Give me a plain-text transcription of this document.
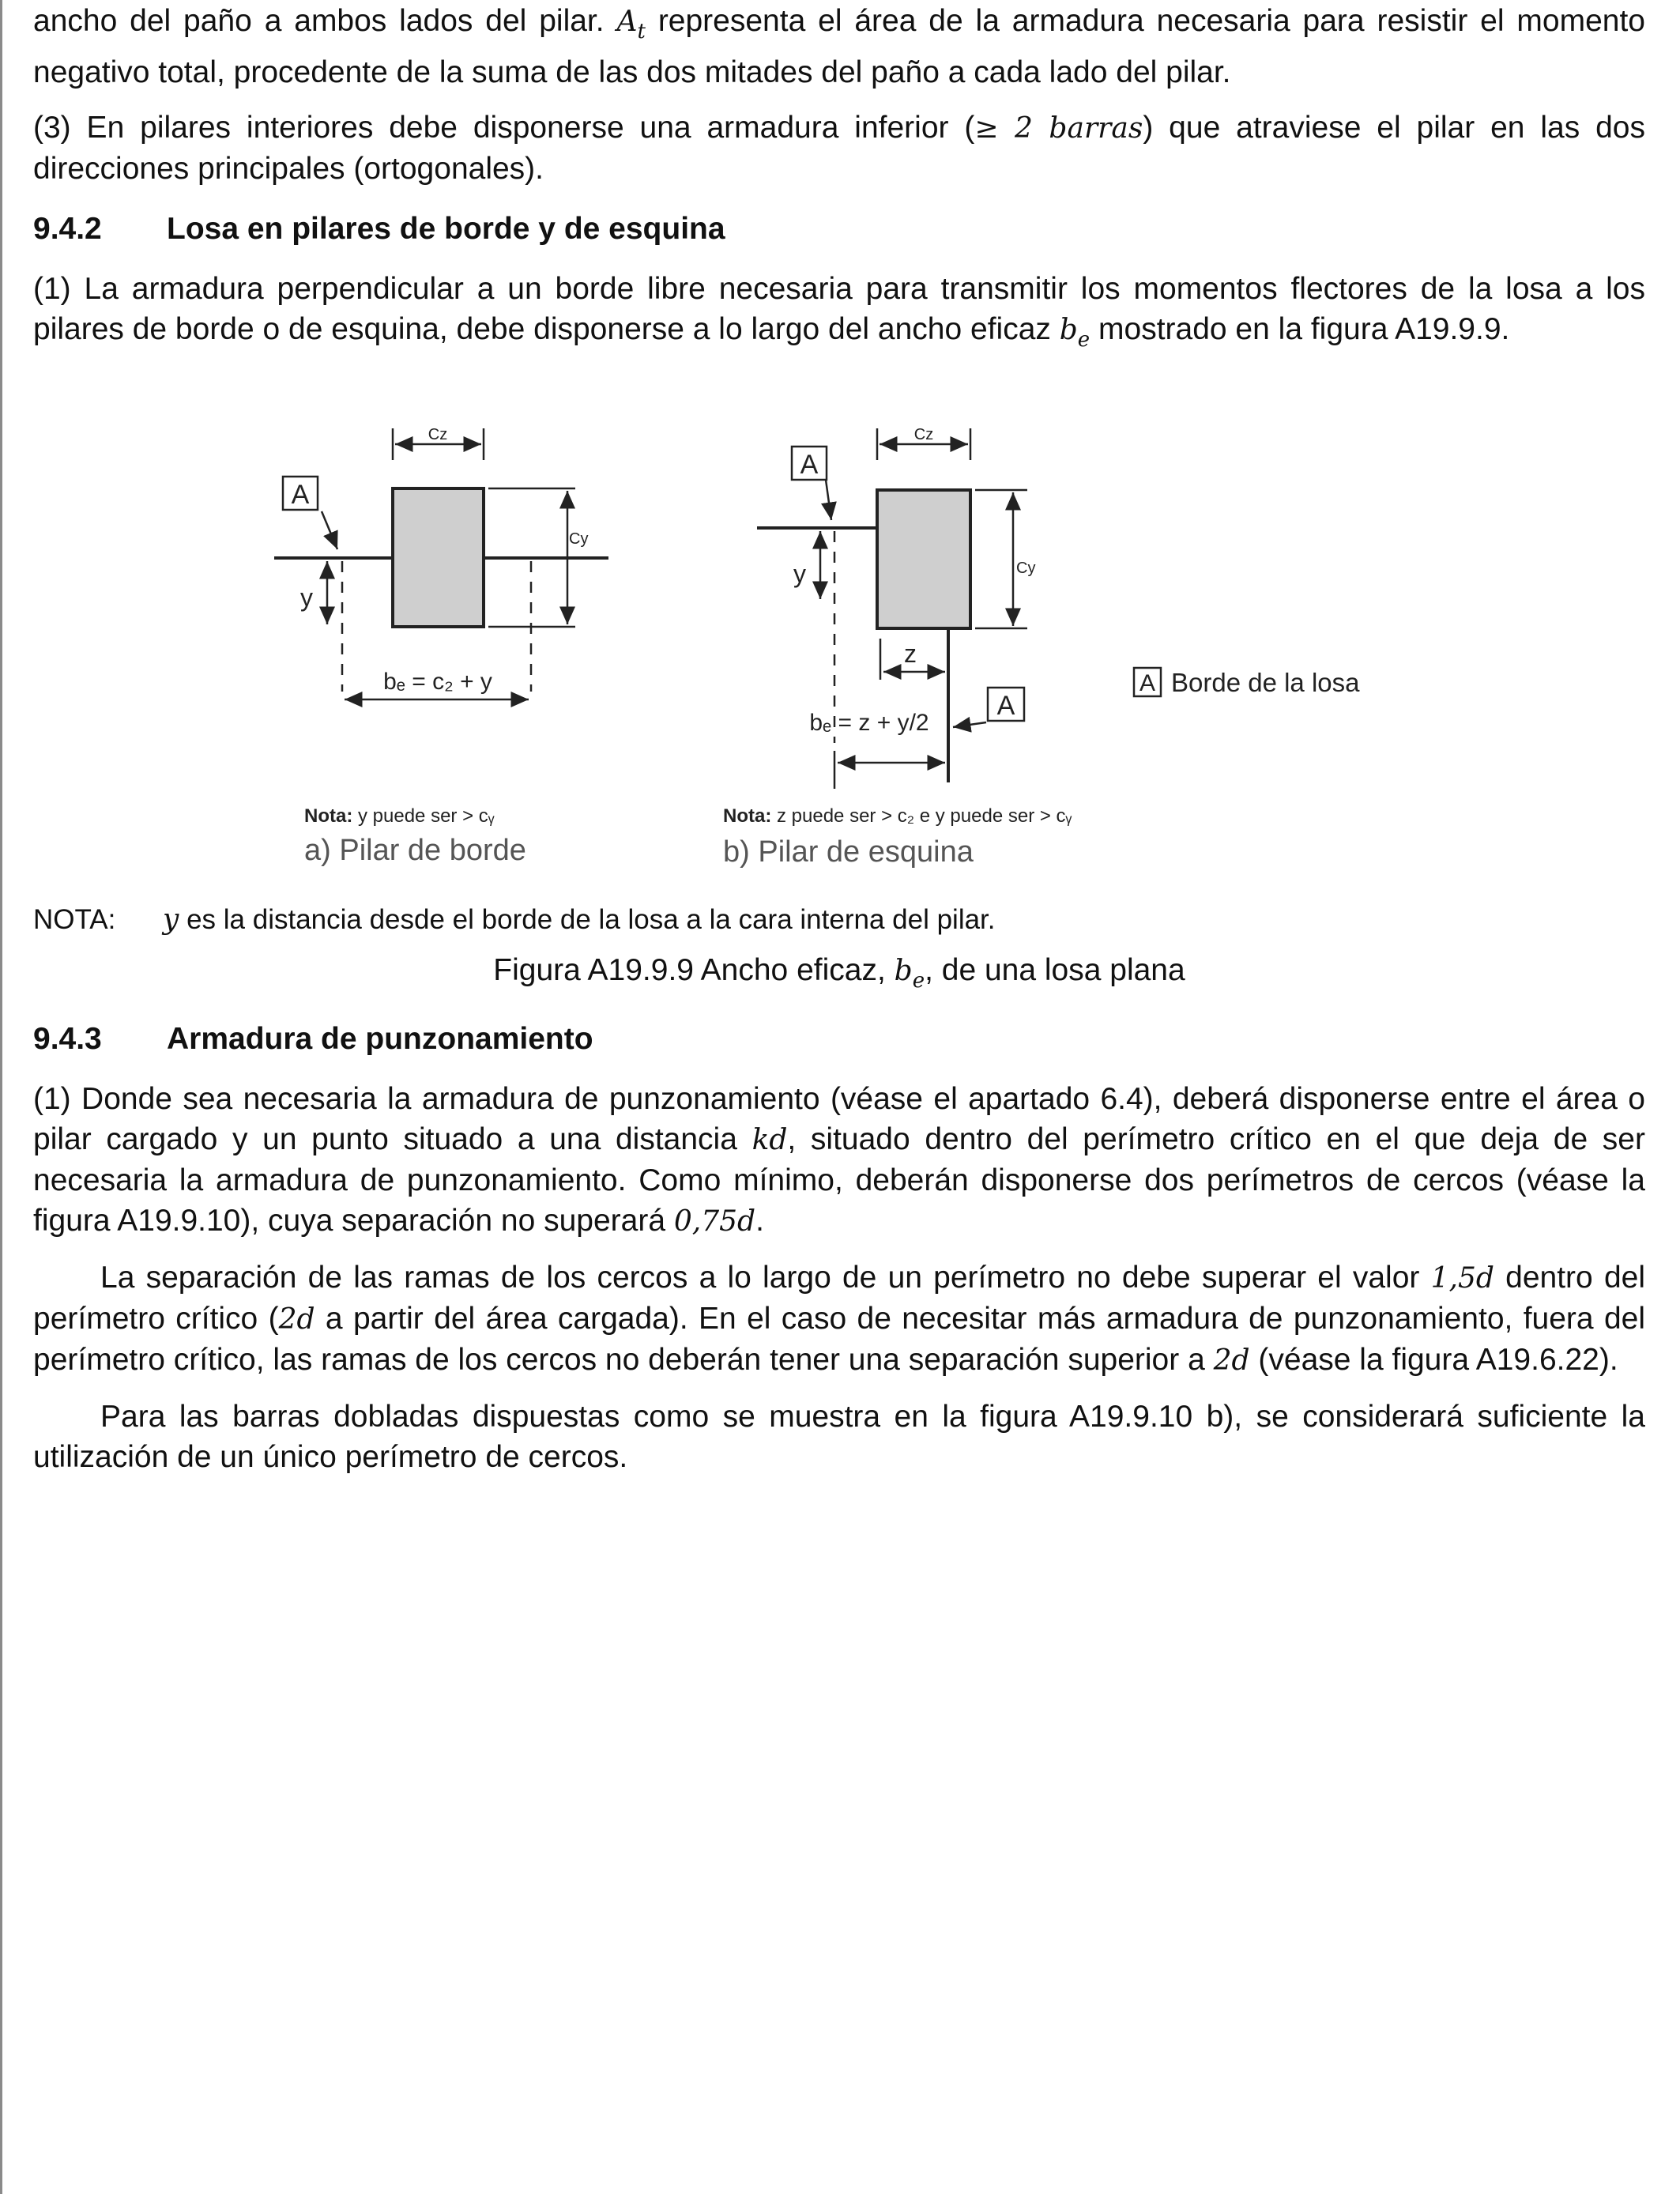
ancho del paño a ambos lados del pilar. $A_t$ representa el área de la armadura necesaria para resistir el momento negativo total, procedente de la suma de las dos mitades del paño a cada lado del pilar.

(3) En pilares interiores debe disponerse una armadura inferior (≥ 2 barras) que atraviese el pilar en las dos direcciones principales (ortogonales).

9.4.2 Losa en pilares de borde y de esquina

(1) La armadura perpendicular a un borde libre necesaria para transmitir los momentos flectores de la losa a los pilares de borde o de esquina, debe disponerse a lo largo del ancho eficaz $b_e$ mostrado en la figura A19.9.9.

NOTA: y es la distancia desde el borde de la losa a la cara interna del pilar.

Figura A19.9.9 Ancho eficaz, $b_e$, de una losa plana

9.4.3 Armadura de punzonamiento

(1) Donde sea necesaria la armadura de punzonamiento (véase el apartado 6.4), deberá disponerse entre el área o pilar cargado y un punto situado a una distancia kd, situado dentro del perímetro crítico en el que deja de ser necesaria la armadura de punzonamiento. Como mínimo, deberán disponerse dos perímetros de cercos (véase la figura A19.9.10), cuya separación no superará 0,75d.

La separación de las ramas de los cercos a lo largo de un perímetro no debe superar el valor 1,5d dentro del perímetro crítico (2d a partir del área cargada). En el caso de necesitar más armadura de punzonamiento, fuera del perímetro crítico, las ramas de los cercos no deberán tener una separación superior a 2d (véase la figura A19.6.22).

Para las barras dobladas dispuestas como se muestra en la figura A19.9.10 b), se considerará suficiente la utilización de un único perímetro de cercos.

A
Cz
Cy
y
bₑ = c₂ + y
Nota: y puede ser > cᵧ
a) Pilar de borde
A
A
Cz
Cy
y
z
bₑ = z + y/2
Nota: z puede ser > c₂ e y puede ser > cᵧ
b) Pilar de esquina
A Borde de la losa
